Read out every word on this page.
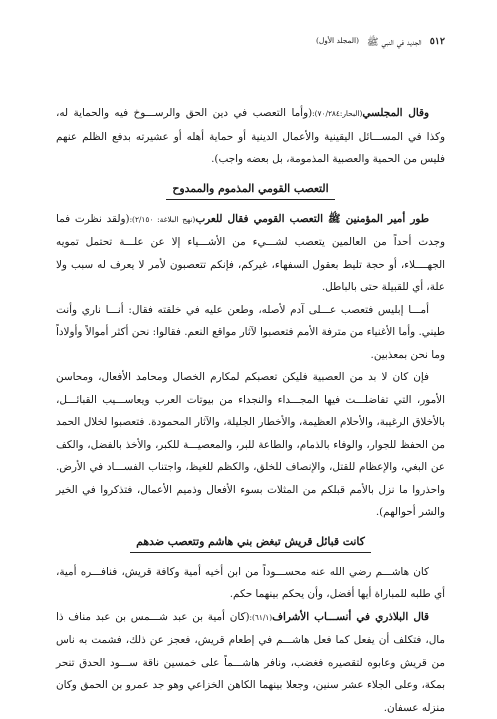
٥١٢
الجديد في النبي ﷺ
(المجلد الأول)

وقال المجلسي(البحار:٧٠/٢٨٤):(وأما التعصب في دين الحق والرســـوخ فيه والحماية له، وكذا في المســـائل اليقينية والأعمال الدينية أو حماية أهله أو عشيرته بدفع الظلم عنهم فليس من الحمية والعصبية المذمومة، بل بعضه واجب).

التعصب القومي المذموم والممدوح

طور أمير المؤمنين ﷺ التعصب القومي فقال للعرب(نهج البلاغة: ٢/١٥٠):(ولقد نظرت فما وجدت أحداً من العالمين يتعصب لشـــيء من الأشـــياء إلا عن علـــة تحتمل تمويه الجهــــلاء، أو حجة تليط بعقول السفهاء، غيركم، فإنكم تتعصبون لأمر لا يعرف له سبب ولا علة، أي للقبيلة حتى بالباطل.

أمـــا إبليس فتعصب عـــلى آدم لأصله، وطعن عليه في خلقته فقال: أنـــا ناري وأنت طيني. وأما الأغنياء من مترفة الأمم فتعصبوا لآثار مواقع النعم. فقالوا: نحن أكثر أموالاً وأولاداً وما نحن بمعذبين.

فإن كان لا بد من العصبية فليكن تعصبكم لمكارم الخصال ومحامد الأفعال، ومحاسن الأمور، التي تفاضلـــت فيها المجـــداء والنجداء من بيوتات العرب ويعاســـيب القبائـــل، بالأخلاق الرغيبة، والأحلام العظيمة، والأخطار الجليلة، والآثار المحمودة. فتعصبوا لخلال الحمد من الحفظ للجوار، والوفاء بالذمام، والطاعة للبر، والمعصيـــة للكبر، والأخذ بالفضل، والكف عن البغي، والإعظام للقتل، والإنصاف للخلق، والكظم للغيظ، واجتناب الفســـاد في الأرض. واحذروا ما نزل بالأمم قبلكم من المثلات بسوء الأفعال وذميم الأعمال، فتذكروا في الخير والشر أحوالهم).

كانت قبائل قريش تبغض بني هاشم وتتعصب ضدهم

كان هاشـــم رضي الله عنه محســـوداً من ابن أخيه أمية وكافة قريش، فنافـــره أمية، أي طلبه للمباراة أيها أفضل، وأن يحكم بينهما حكم.

قال البلاذري في أنســـاب الأشراف(٦١/١):(كان أمية بن عبد شـــمس بن عبد مناف ذا مال، فتكلف أن يفعل كما فعل هاشـــم في إطعام قريش، فعجز عن ذلك، فشمت به ناس من قريش وعابوه لتقصيره فغضب، ونافر هاشـــماً على خمسين ناقة ســـود الحدق تنحر بمكة، وعلى الجلاء عشر سنين، وجعلا بينهما الكاهن الخزاعي وهو جد عمرو بن الحمق وكان منزله عسفان.
